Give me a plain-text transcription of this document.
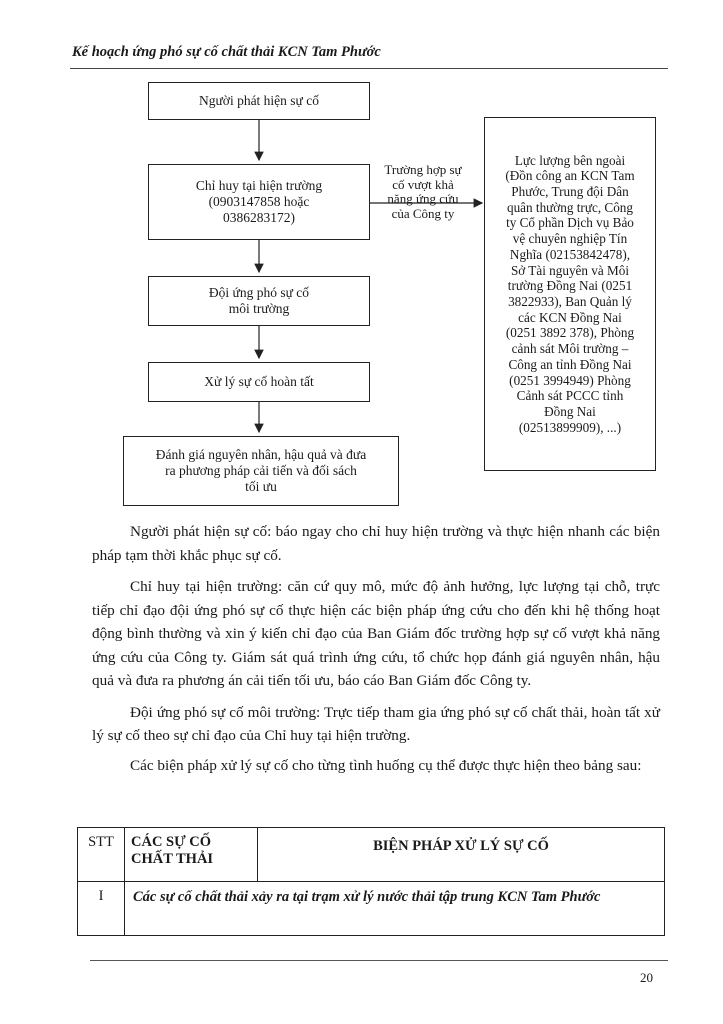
Kế hoạch ứng phó sự cố chất thải KCN Tam Phước
Người phát hiện sự cố
Chỉ huy tại hiện trường
(0903147858 hoặc
0386283172)
Đội ứng phó sự cố
môi trường
Xử lý sự cố hoàn tất
Đánh giá nguyên nhân, hậu quả và đưa
ra phương pháp cải tiến và đối sách
tối ưu
Trường hợp sự
cố vượt khả
năng ứng cứu
của Công ty
Lực lượng bên ngoài
(Đồn công an KCN Tam
Phước, Trung đội Dân
quân thường trực, Công
ty Cổ phần Dịch vụ Bảo
vệ chuyên nghiệp Tín
Nghĩa (02153842478),
Sở Tài nguyên và Môi
trường Đồng Nai (0251
3822933), Ban Quản lý
các KCN Đồng Nai
(0251 3892 378), Phòng
cảnh sát Môi trường –
Công an tỉnh Đồng Nai
(0251 3994949) Phòng
Cảnh sát PCCC tỉnh
Đồng Nai
(02513899909), ...)

Người phát hiện sự cố: báo ngay cho chỉ huy hiện trường và thực hiện nhanh các biện pháp tạm thời khắc phục sự cố.

Chỉ huy tại hiện trường: căn cứ quy mô, mức độ ảnh hưởng, lực lượng tại chỗ, trực tiếp chỉ đạo đội ứng phó sự cố thực hiện các biện pháp ứng cứu cho đến khi hệ thống hoạt động bình thường và xin ý kiến chỉ đạo của Ban Giám đốc trường hợp sự cố vượt khả năng ứng cứu của Công ty. Giám sát quá trình ứng cứu, tổ chức họp đánh giá nguyên nhân, hậu quả và đưa ra phương án cải tiến tối ưu, báo cáo Ban Giám đốc Công ty.

Đội ứng phó sự cố môi trường: Trực tiếp tham gia ứng phó sự cố chất thải, hoàn tất xử lý sự cố theo sự chỉ đạo của Chỉ huy tại hiện trường.

Các biện pháp xử lý sự cố cho từng tình huống cụ thể được thực hiện theo bảng sau:

STT	CÁC SỰ CỐ CHẤT THẢI	BIỆN PHÁP XỬ LÝ SỰ CỐ
I	Các sự cố chất thải xảy ra tại trạm xử lý nước thải tập trung KCN Tam Phước	
20
